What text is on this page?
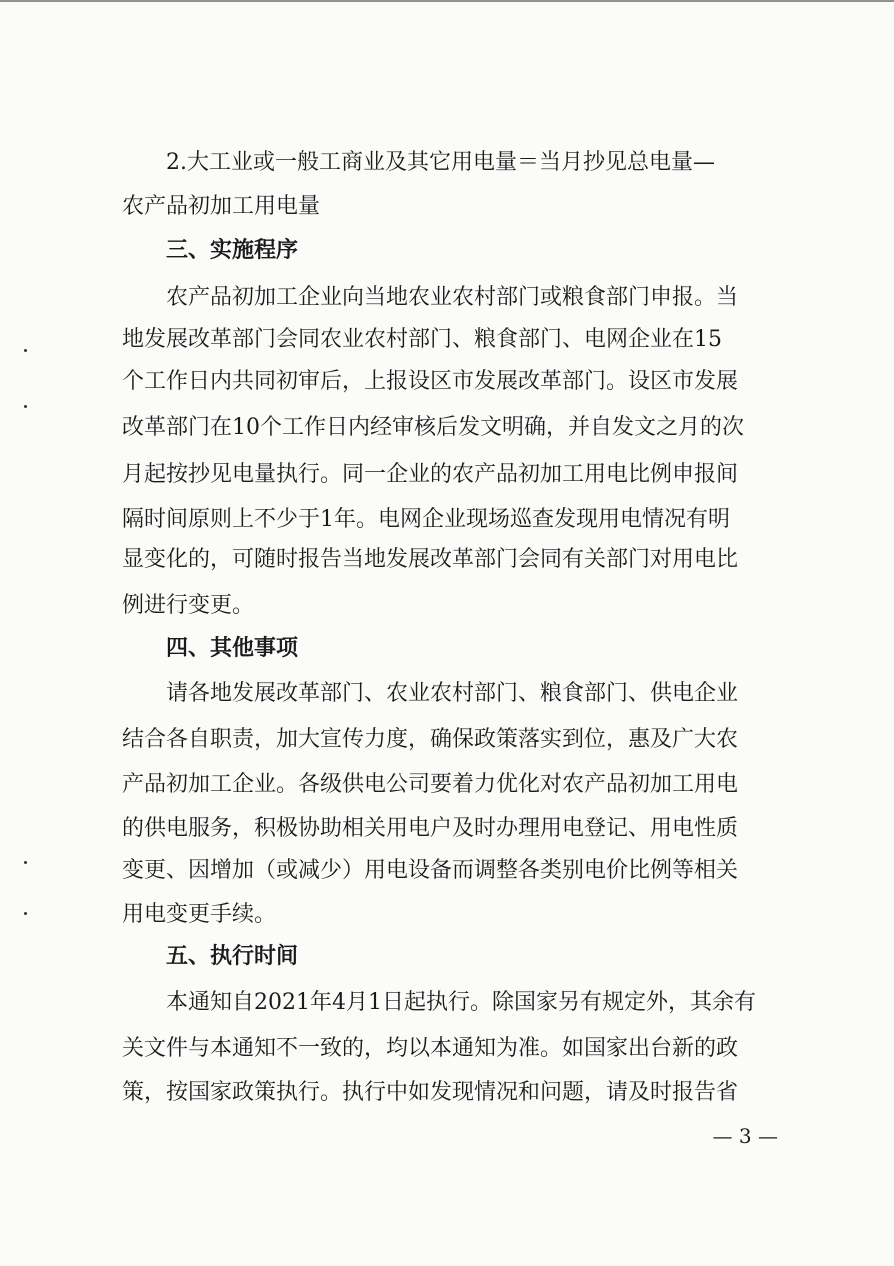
2.大工业或一般工商业及其它用电量＝当月抄见总电量—
农产品初加工用电量
三、实施程序
农产品初加工企业向当地农业农村部门或粮食部门申报。当
地发展改革部门会同农业农村部门、粮食部门、电网企业在15
个工作日内共同初审后，上报设区市发展改革部门。设区市发展
改革部门在10个工作日内经审核后发文明确，并自发文之月的次
月起按抄见电量执行。同一企业的农产品初加工用电比例申报间
隔时间原则上不少于1年。电网企业现场巡查发现用电情况有明
显变化的，可随时报告当地发展改革部门会同有关部门对用电比
例进行变更。
四、其他事项
请各地发展改革部门、农业农村部门、粮食部门、供电企业
结合各自职责，加大宣传力度，确保政策落实到位，惠及广大农
产品初加工企业。各级供电公司要着力优化对农产品初加工用电
的供电服务，积极协助相关用电户及时办理用电登记、用电性质
变更、因增加（或减少）用电设备而调整各类别电价比例等相关
用电变更手续。
五、执行时间
本通知自2021年4月1日起执行。除国家另有规定外，其余有
关文件与本通知不一致的，均以本通知为准。如国家出台新的政
策，按国家政策执行。执行中如发现情况和问题，请及时报告省
— 3 —
